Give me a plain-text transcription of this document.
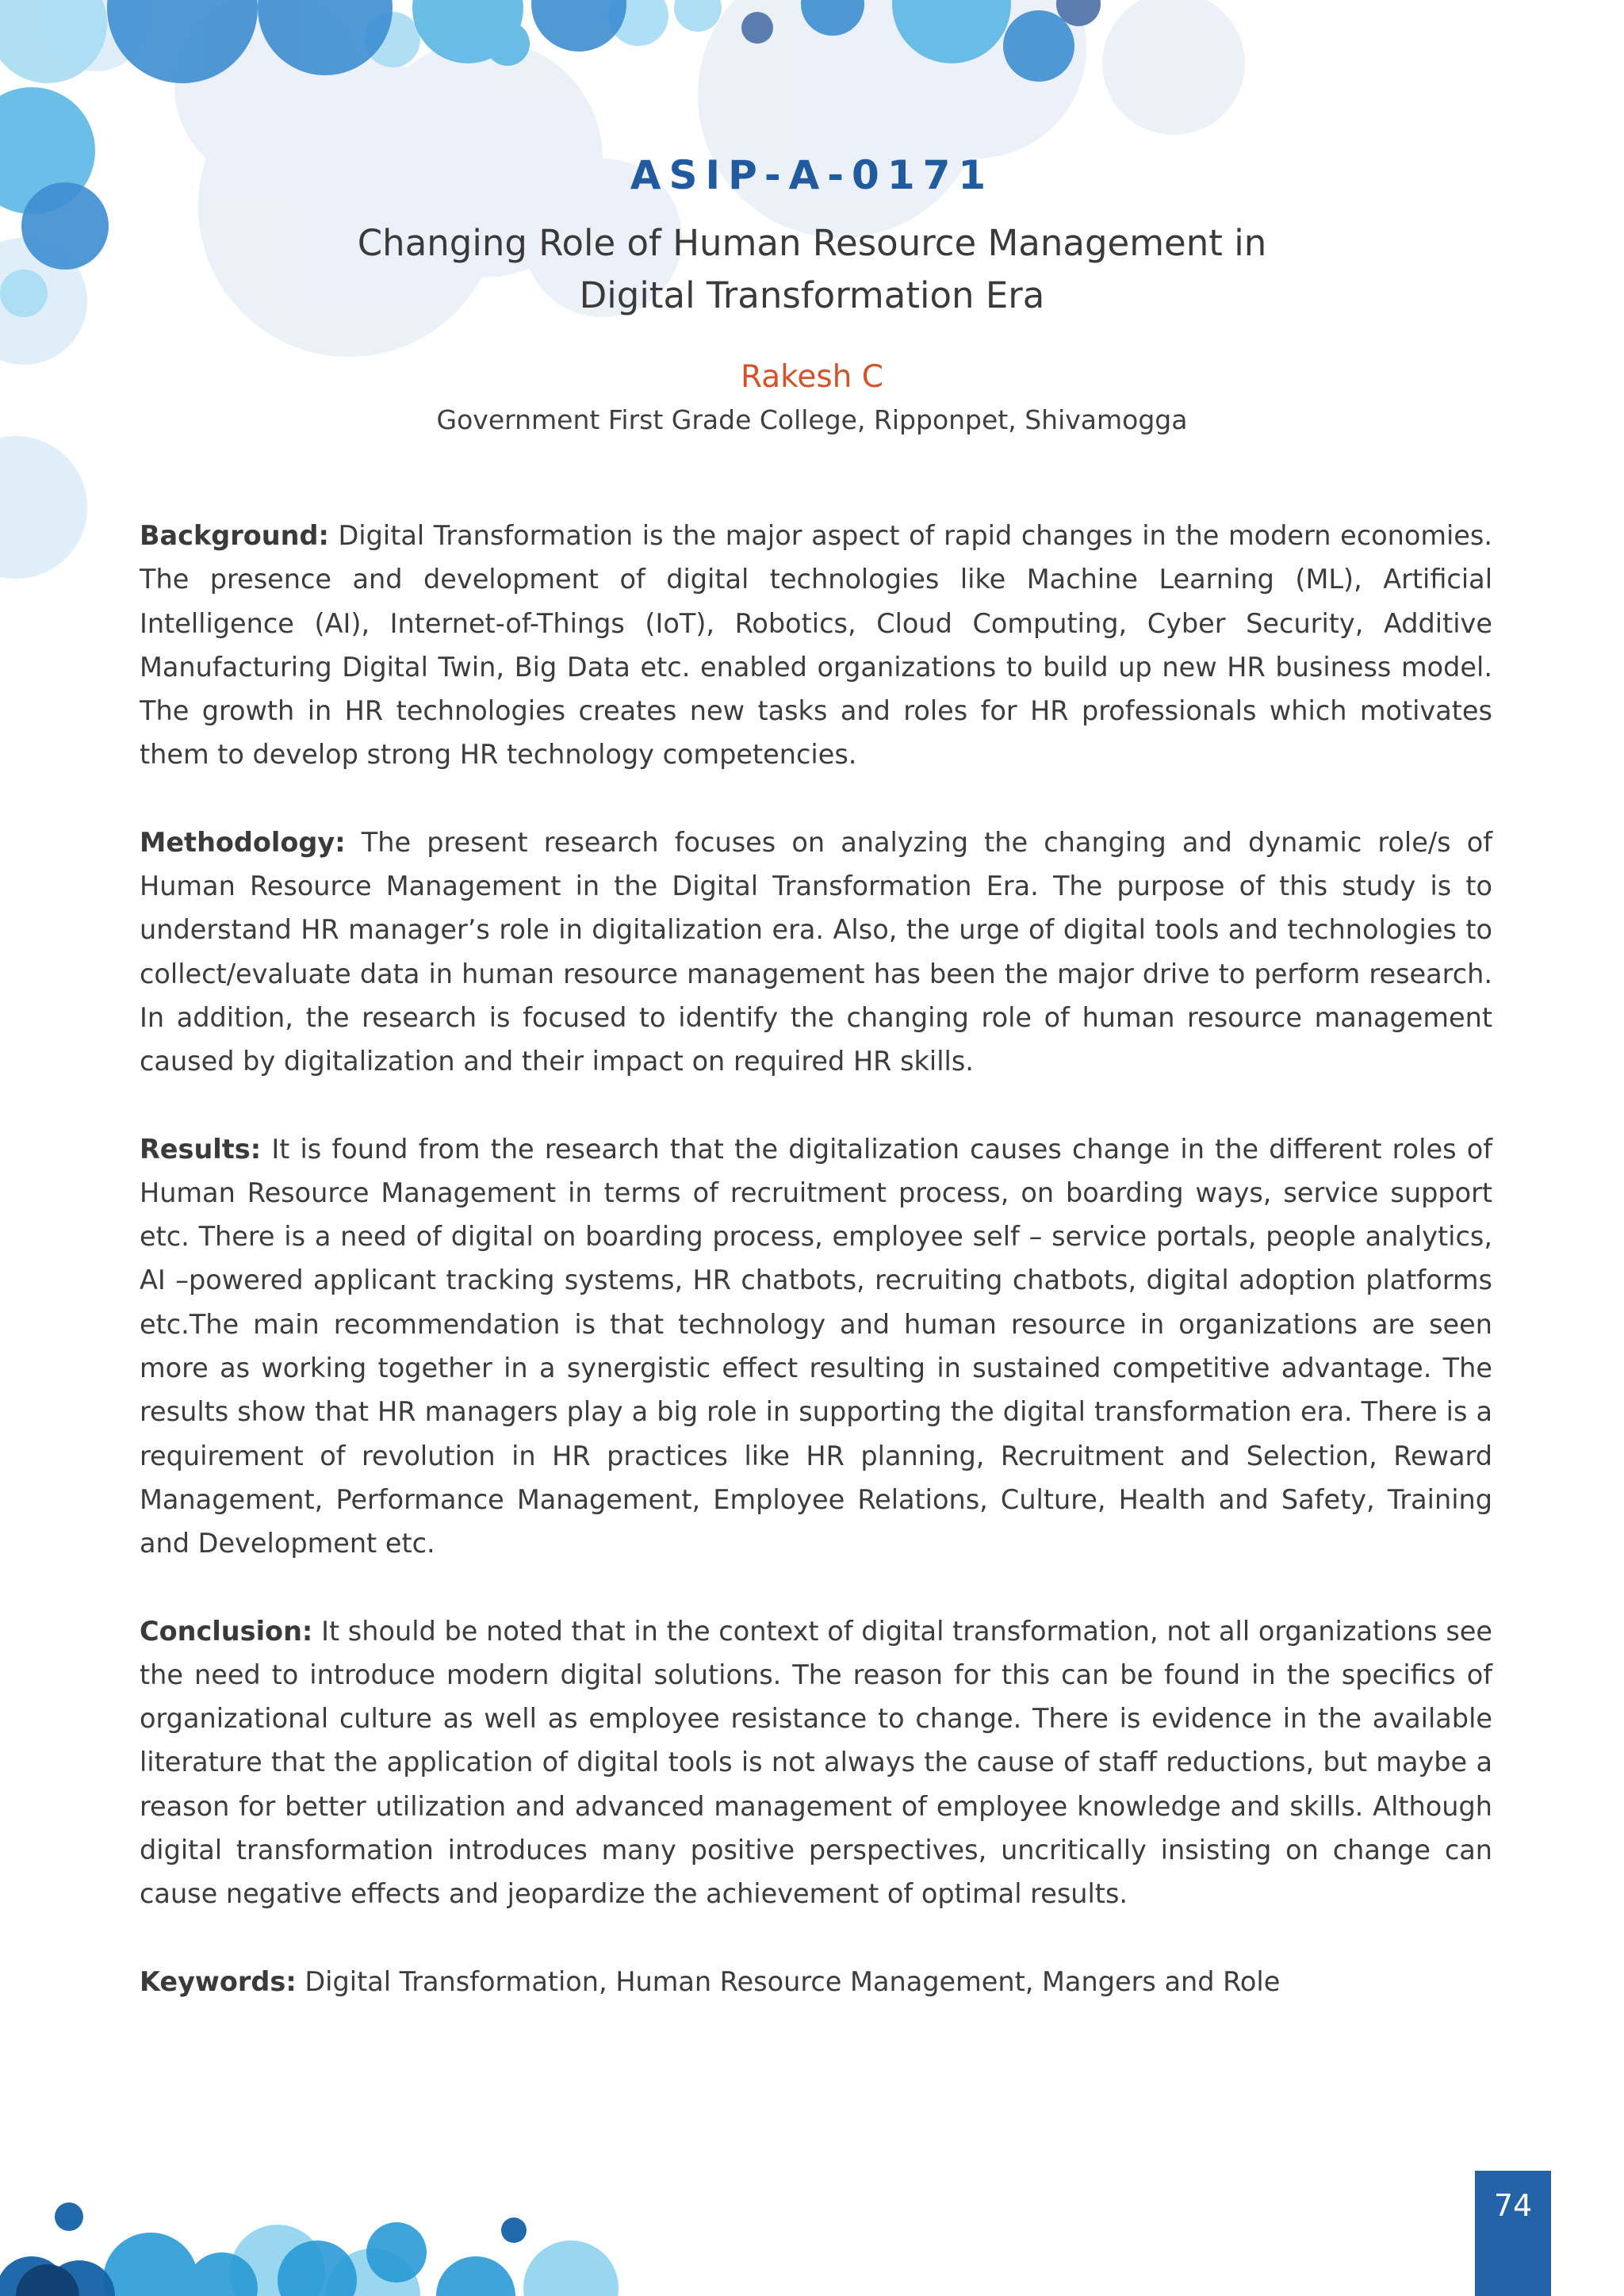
ASIP-A-0171

Changing Role of Human Resource Management in Digital Transformation Era

Rakesh C
Government First Grade College, Ripponpet, Shivamogga

Background: Digital Transformation is the major aspect of rapid changes in the modern economies. The presence and development of digital technologies like Machine Learning (ML), Artificial Intelligence (AI), Internet-of-Things (IoT), Robotics, Cloud Computing, Cyber Security, Additive Manufacturing Digital Twin, Big Data etc. enabled organizations to build up new HR business model. The growth in HR technologies creates new tasks and roles for HR professionals which motivates them to develop strong HR technology competencies.

Methodology: The present research focuses on analyzing the changing and dynamic role/s of Human Resource Management in the Digital Transformation Era. The purpose of this study is to understand HR manager’s role in digitalization era. Also, the urge of digital tools and technologies to collect/evaluate data in human resource management has been the major drive to perform research. In addition, the research is focused to identify the changing role of human resource management caused by digitalization and their impact on required HR skills.

Results: It is found from the research that the digitalization causes change in the different roles of Human Resource Management in terms of recruitment process, on boarding ways, service support etc. There is a need of digital on boarding process, employee self – service portals, people analytics, AI –powered applicant tracking systems, HR chatbots, recruiting chatbots, digital adoption platforms etc.The main recommendation is that technology and human resource in organizations are seen more as working together in a synergistic effect resulting in sustained competitive advantage. The results show that HR managers play a big role in supporting the digital transformation era. There is a requirement of revolution in HR practices like HR planning, Recruitment and Selection, Reward Management, Performance Management, Employee Relations, Culture, Health and Safety, Training and Development etc.

Conclusion: It should be noted that in the context of digital transformation, not all organizations see the need to introduce modern digital solutions. The reason for this can be found in the specifics of organizational culture as well as employee resistance to change. There is evidence in the available literature that the application of digital tools is not always the cause of staff reductions, but maybe a reason for better utilization and advanced management of employee knowledge and skills. Although digital transformation introduces many positive perspectives, uncritically insisting on change can cause negative effects and jeopardize the achievement of optimal results.

Keywords: Digital Transformation, Human Resource Management, Mangers and Role

74
